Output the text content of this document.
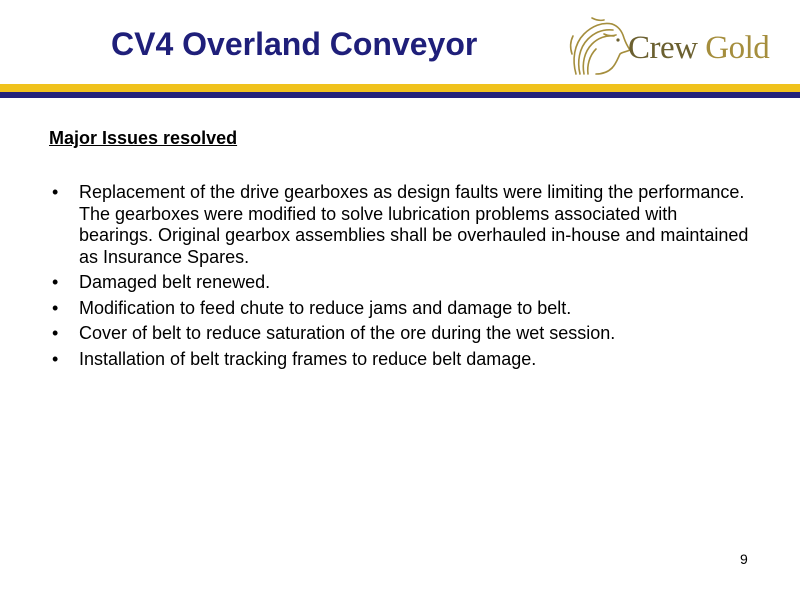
CV4 Overland Conveyor	Crew Gold

Major Issues resolved

• Replacement of the drive gearboxes as design faults were limiting the performance. The gearboxes were modified to solve lubrication problems associated with bearings. Original gearbox assemblies shall be overhauled in-house and maintained as Insurance Spares.
• Damaged belt renewed.
• Modification to feed chute to reduce jams and damage to belt.
• Cover of belt to reduce saturation of the ore during the wet session.
• Installation of belt tracking frames to reduce belt damage.
9
